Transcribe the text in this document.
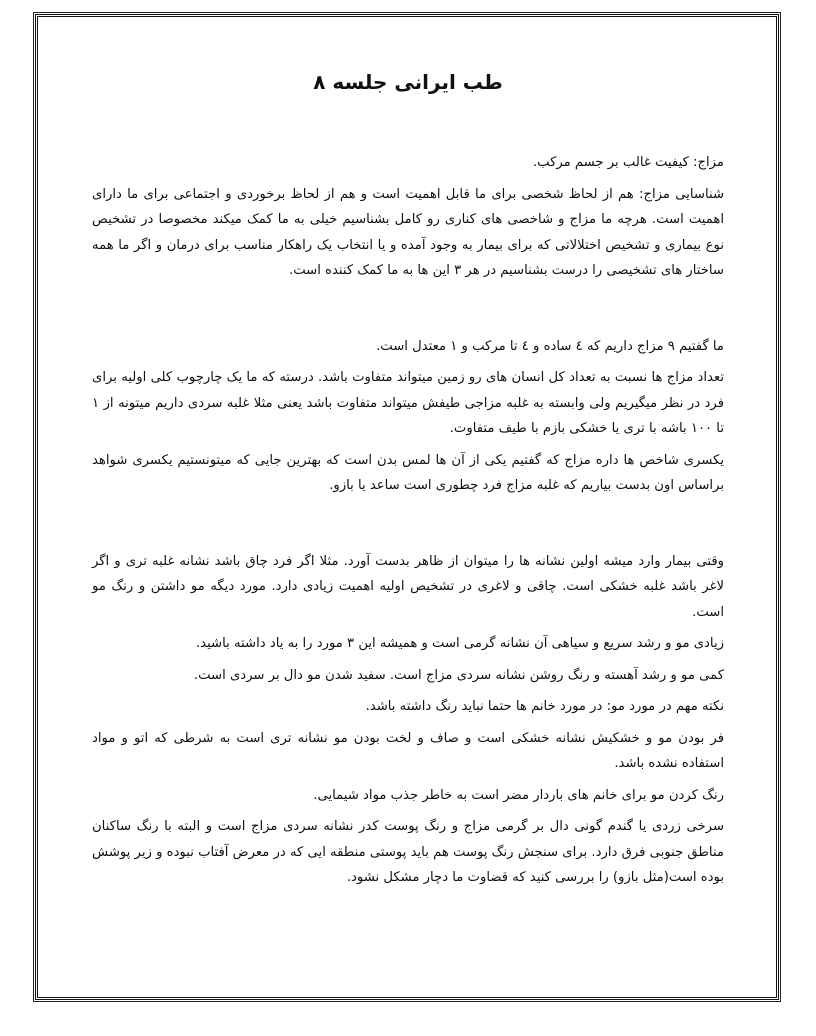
طب ایرانی جلسه ۸

مزاج: کیفیت غالب بر جسم مرکب.

شناسایی مزاج: هم از لحاظ شخصی برای ما قابل اهمیت است و هم از لحاظ برخوردی و اجتماعی برای ما دارای اهمیت است. هرچه ما مزاج و شاخصی های کناری رو کامل بشناسیم خیلی به ما کمک میکند مخصوصا در تشخیص نوع بیماری و تشخیص اختلالاتی که برای بیمار به وجود آمده و یا انتخاب یک راهکار مناسب برای درمان و اگر ما همه ساختار های تشخیصی را درست بشناسیم در هر ۳ این ها به ما کمک کننده است.

ما گفتیم ۹ مزاج داریم که ٤ ساده و ٤ تا مرکب و ۱ معتدل است.

تعداد مزاج ها نسبت به تعداد کل انسان های رو زمین میتواند متفاوت باشد. درسته که ما یک چارچوب کلی اولیه برای فرد در نظر میگیریم ولی وابسته به غلبه مزاجی طیفش میتواند متفاوت باشد یعنی مثلا غلبه سردی داریم میتونه از ۱ تا ۱۰۰ باشه با تری یا خشکی بازم با طیف متفاوت.

یکسری شاخص ها داره مزاج که گفتیم یکی از آن ها لمس بدن است که بهترین جایی که میتونستیم یکسری شواهد براساس اون بدست بیاریم که غلبه مزاج فرد چطوری است ساعد یا بازو.

وقتی بیمار وارد میشه اولین نشانه ها را میتوان از ظاهر بدست آورد. مثلا اگر فرد چاق باشد نشانه غلبه تری و اگر لاغر باشد غلبه خشکی است. چاقی و لاغری در تشخیص اولیه اهمیت زیادی دارد. مورد دیگه مو داشتن و رنگ مو است.

زیادی مو و رشد سریع و سیاهی آن نشانه گرمی است و همیشه این ۳ مورد را به یاد داشته باشید.

کمی مو و رشد آهسته و رنگ روشن نشانه سردی مزاج است. سفید شدن مو دال بر سردی است.

نکته مهم در مورد مو: در مورد خانم ها حتما نباید رنگ داشته باشد.

فر بودن مو و خشکیش نشانه خشکی است و صاف و لخت بودن مو نشانه تری است به شرطی که اتو و مواد استفاده نشده باشد.

رنگ کردن مو برای خانم های باردار مضر است به خاطر جذب مواد شیمایی.

سرخی زردی یا گندم گونی دال بر گرمی مزاج و رنگ پوست کدر نشانه سردی مزاج است و البته با رنگ ساکنان مناطق جنوبی فرق دارد. برای سنجش رنگ پوست هم باید پوستی منطقه ایی که در معرض آفتاب نبوده و زیر پوشش بوده است(مثل بازو) را بررسی کنید که قضاوت ما دچار مشکل نشود.
